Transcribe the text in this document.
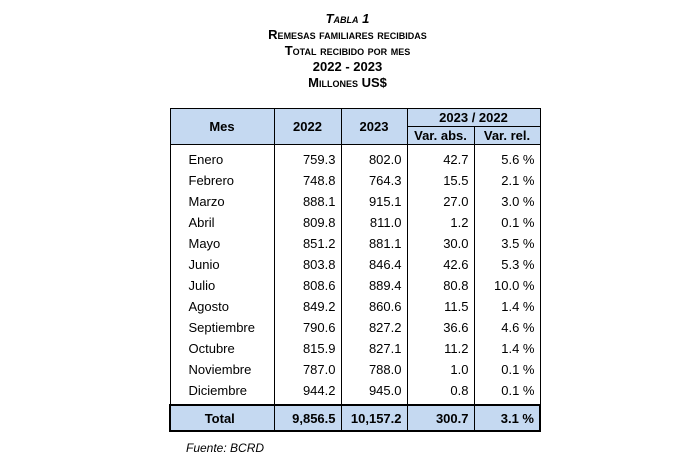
Tabla 1
Remesas familiares recibidas
Total recibido por mes
2022 - 2023
Millones US$
Mes	2022	2023	2023 / 2022	
			Var. abs.	Var. rel.
Enero	759.3	802.0	42.7	5.6 %
Febrero	748.8	764.3	15.5	2.1 %
Marzo	888.1	915.1	27.0	3.0 %
Abril	809.8	811.0	1.2	0.1 %
Mayo	851.2	881.1	30.0	3.5 %
Junio	803.8	846.4	42.6	5.3 %
Julio	808.6	889.4	80.8	10.0 %
Agosto	849.2	860.6	11.5	1.4 %
Septiembre	790.6	827.2	36.6	4.6 %
Octubre	815.9	827.1	11.2	1.4 %
Noviembre	787.0	788.0	1.0	0.1 %
Diciembre	944.2	945.0	0.8	0.1 %
Total	9,856.5	10,157.2	300.7	3.1 %
Fuente: BCRD
